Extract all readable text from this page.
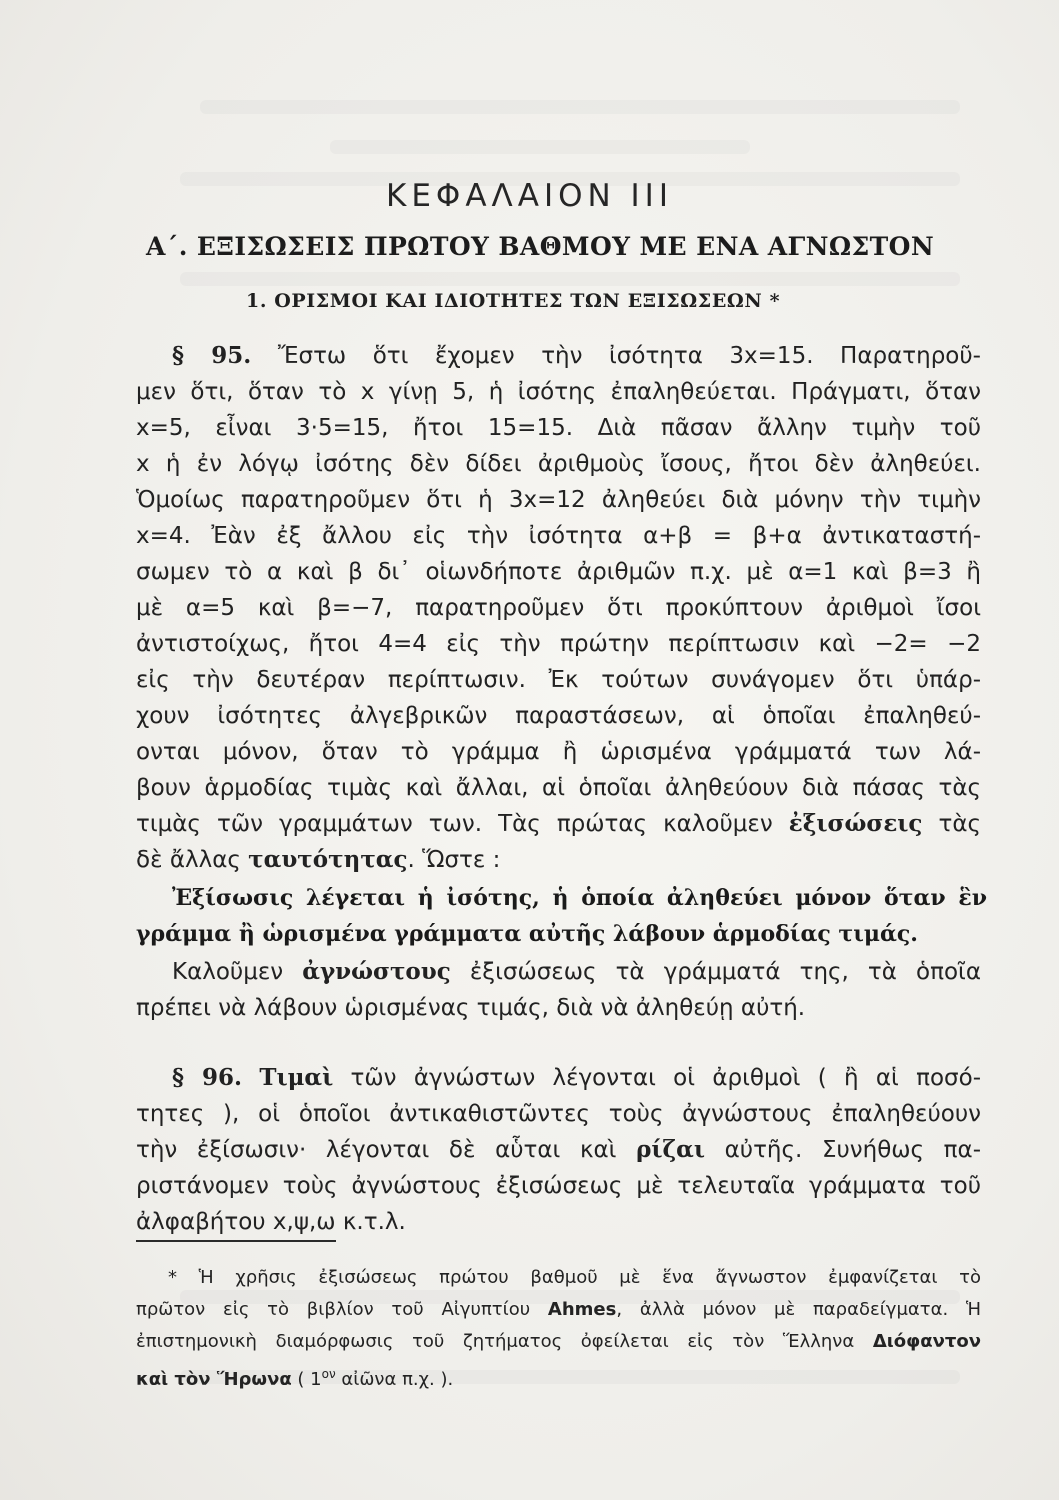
ΚΕΦΑΛΑΙΟΝ ΙΙΙ
Α΄. ΕΞΙΣΩΣΕΙΣ ΠΡΩΤΟΥ ΒΑΘΜΟΥ ΜΕ ΕΝΑ ΑΓΝΩΣΤΟΝ
1. ΟΡΙΣΜΟΙ ΚΑΙ ΙΔΙΟΤΗΤΕΣ ΤΩΝ ΕΞΙΣΩΣΕΩΝ *
§ 95. Ἔστω ὅτι ἔχομεν τὴν ἰσότητα 3x=15. Παρατηροῦ-
μεν ὅτι, ὅταν τὸ x γίνῃ 5, ἡ ἰσότης ἐπαληθεύεται. Πράγματι, ὅταν
x=5, εἶναι 3·5=15, ἤτοι 15=15. Διὰ πᾶσαν ἄλλην τιμὴν τοῦ
x ἡ ἐν λόγῳ ἰσότης δὲν δίδει ἀριθμοὺς ἴσους, ἤτοι δὲν ἀληθεύει.
Ὁμοίως παρατηροῦμεν ὅτι ἡ 3x=12 ἀληθεύει διὰ μόνην τὴν τιμὴν
x=4. Ἐὰν ἐξ ἄλλου εἰς τὴν ἰσότητα α+β = β+α ἀντικαταστή-
σωμεν τὸ α καὶ β δι᾽ οἱωνδήποτε ἀριθμῶν π.χ. μὲ α=1 καὶ β=3 ἢ
μὲ α=5 καὶ β=−7, παρατηροῦμεν ὅτι προκύπτουν ἀριθμοὶ ἴσοι
ἀντιστοίχως, ἤτοι 4=4 εἰς τὴν πρώτην περίπτωσιν καὶ −2= −2
εἰς τὴν δευτέραν περίπτωσιν. Ἐκ τούτων συνάγομεν ὅτι ὑπάρ-
χουν ἰσότητες ἀλγεβρικῶν παραστάσεων, αἱ ὁποῖαι ἐπαληθεύ-
ονται μόνον, ὅταν τὸ γράμμα ἢ ὡρισμένα γράμματά των λά-
βουν ἁρμοδίας τιμὰς καὶ ἄλλαι, αἱ ὁποῖαι ἀληθεύουν διὰ πάσας τὰς
τιμὰς τῶν γραμμάτων των. Τὰς πρώτας καλοῦμεν ἐξισώσεις τὰς
δὲ ἄλλας ταυτότητας. Ὥστε :
Ἐξίσωσις λέγεται ἡ ἰσότης, ἡ ὁποία ἀληθεύει μόνον ὅταν ἓν
γράμμα ἢ ὡρισμένα γράμματα αὐτῆς λάβουν ἁρμοδίας τιμάς.
Καλοῦμεν ἀγνώστους ἐξισώσεως τὰ γράμματά της, τὰ ὁποῖα
πρέπει νὰ λάβουν ὡρισμένας τιμάς, διὰ νὰ ἀληθεύῃ αὐτή.
§ 96. Τιμαὶ τῶν ἀγνώστων λέγονται οἱ ἀριθμοὶ ( ἢ αἱ ποσό-
τητες ), οἱ ὁποῖοι ἀντικαθιστῶντες τοὺς ἀγνώστους ἐπαληθεύουν
τὴν ἐξίσωσιν· λέγονται δὲ αὗται καὶ ρίζαι αὐτῆς. Συνήθως πα-
ριστάνομεν τοὺς ἀγνώστους ἐξισώσεως μὲ τελευταῖα γράμματα τοῦ
ἀλφαβήτου x,ψ,ω κ.τ.λ.
* Ἡ χρῆσις ἐξισώσεως πρώτου βαθμοῦ μὲ ἕνα ἄγνωστον ἐμφανίζεται τὸ
πρῶτον εἰς τὸ βιβλίον τοῦ Αἰγυπτίου Ahmes, ἀλλὰ μόνον μὲ παραδείγματα. Ἡ
ἐπιστημονικὴ διαμόρφωσις τοῦ ζητήματος ὀφείλεται εἰς τὸν Ἕλληνα Διόφαντον
καὶ τὸν Ἥρωνα ( $1^{o\nu}$ αἰῶνα π.χ. ).
